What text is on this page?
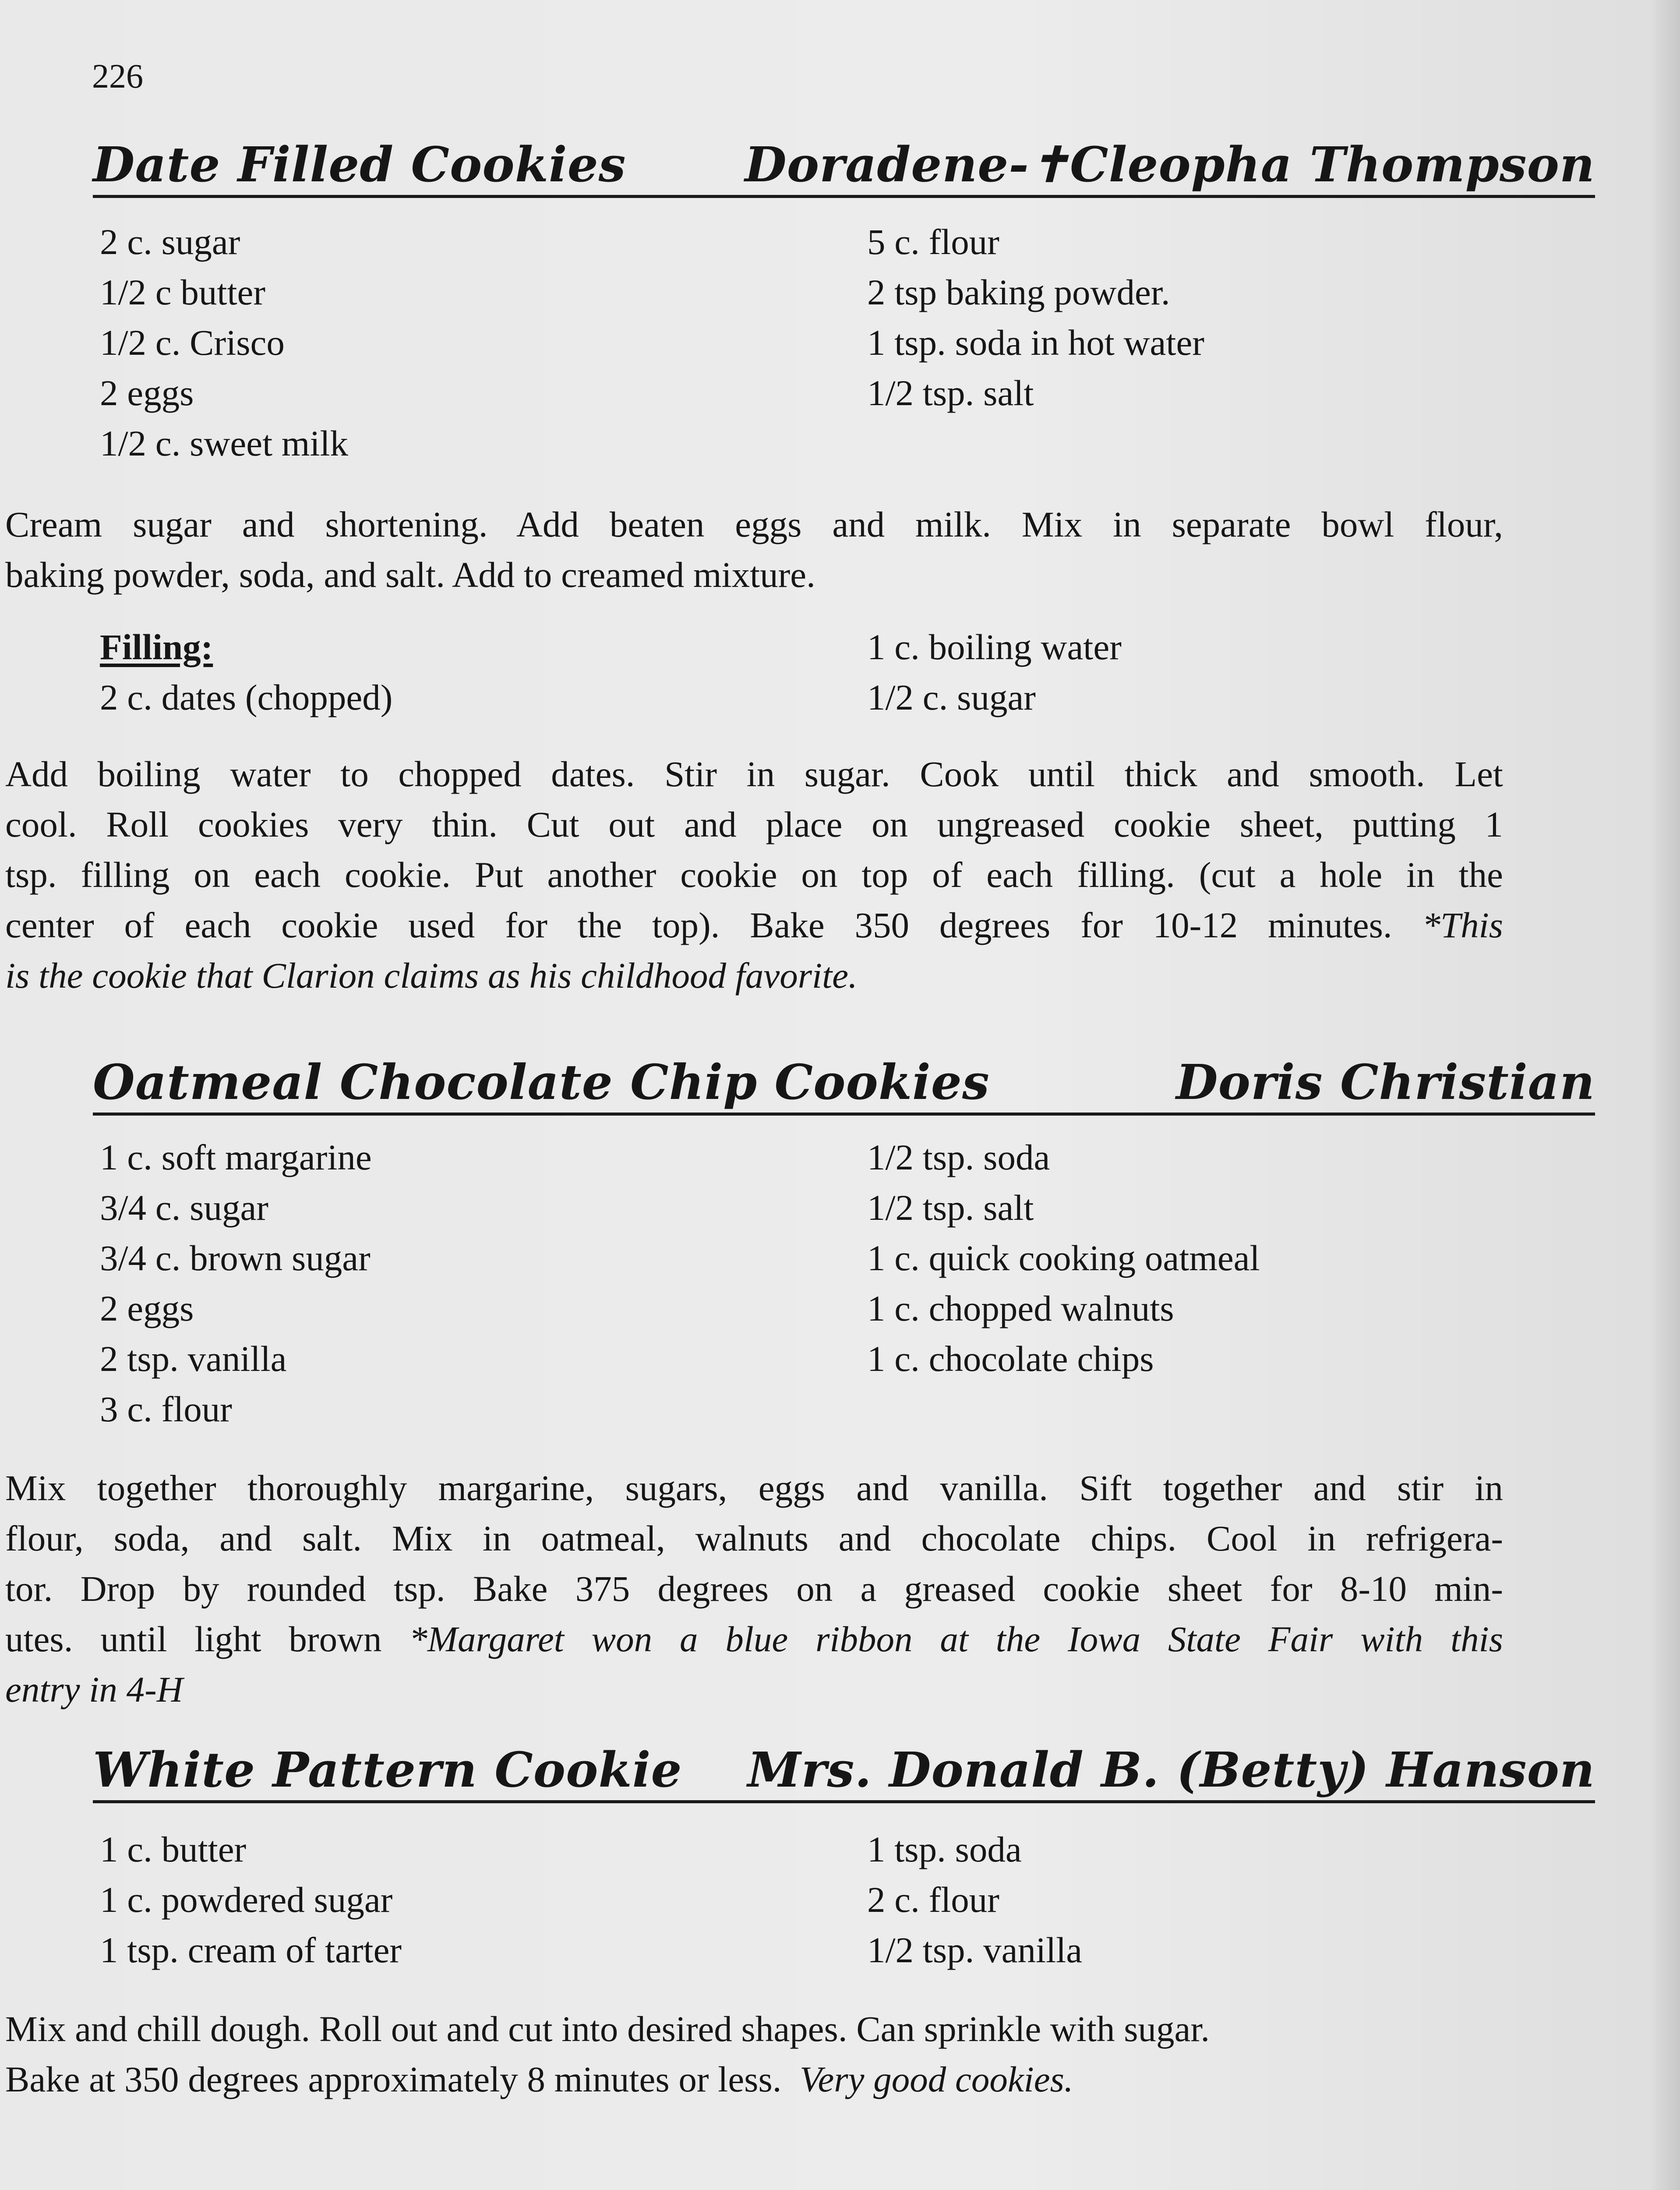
226
Date Filled Cookies Doradene-✝Cleopha Thompson
2 c. sugar
1/2 c butter
1/2 c. Crisco
2 eggs
1/2 c. sweet milk
5 c. flour
2 tsp baking powder.
1 tsp. soda in hot water
1/2 tsp. salt
Cream sugar and shortening. Add beaten eggs and milk. Mix in separate bowl flour,
baking powder, soda, and salt. Add to creamed mixture.
Filling:
2 c. dates (chopped)
1 c. boiling water
1/2 c. sugar
Add boiling water to chopped dates. Stir in sugar. Cook until thick and smooth. Let
cool. Roll cookies very thin. Cut out and place on ungreased cookie sheet, putting 1
tsp. filling on each cookie. Put another cookie on top of each filling. (cut a hole in the
center of each cookie used for the top). Bake 350 degrees for 10-12 minutes. *This
is the cookie that Clarion claims as his childhood favorite.
Oatmeal Chocolate Chip Cookies	Doris Christian
1 c. soft margarine
3/4 c. sugar
3/4 c. brown sugar
2 eggs
2 tsp. vanilla
3 c. flour
1/2 tsp. soda
1/2 tsp. salt
1 c. quick cooking oatmeal
1 c. chopped walnuts
1 c. chocolate chips
Mix together thoroughly margarine, sugars, eggs and vanilla. Sift together and stir in
flour, soda, and salt. Mix in oatmeal, walnuts and chocolate chips. Cool in refrigera-
tor. Drop by rounded tsp. Bake 375 degrees on a greased cookie sheet for 8-10 min-
utes. until light brown *Margaret won a blue ribbon at the Iowa State Fair with this
entry in 4-H
White Pattern Cookie Mrs. Donald B. (Betty) Hanson
1 c. butter
1 c. powdered sugar
1 tsp. cream of tarter
1 tsp. soda
2 c. flour
1/2 tsp. vanilla
Mix and chill dough. Roll out and cut into desired shapes. Can sprinkle with sugar.
Bake at 350 degrees approximately 8 minutes or less. Very good cookies.
